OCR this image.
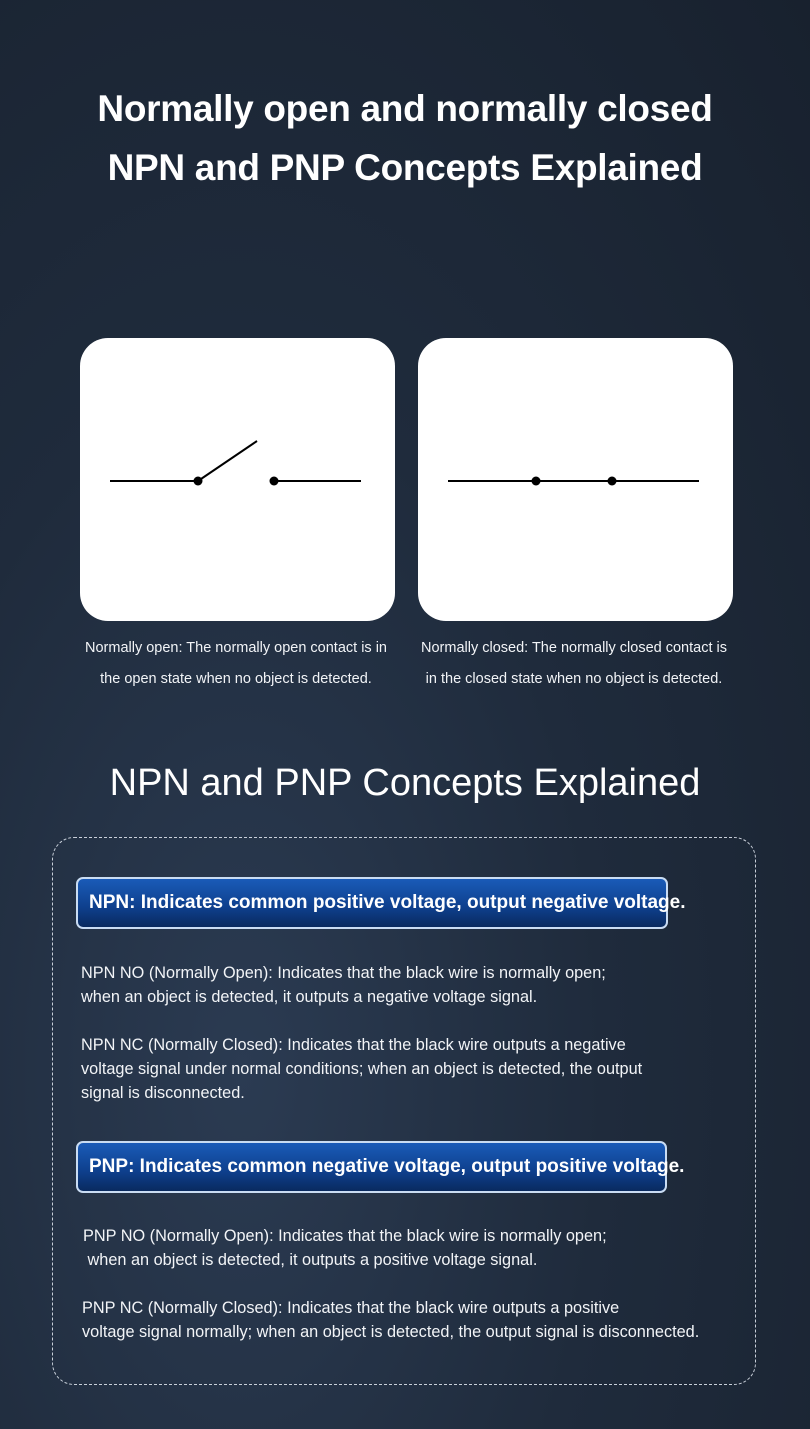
Normally open and normally closed
NPN and PNP Concepts Explained
Normally open: The normally open contact is in
the open state when no object is detected.
Normally closed: The normally closed contact is
in the closed state when no object is detected.
NPN and PNP Concepts Explained
NPN: Indicates common positive voltage, output negative voltage.
NPN NO (Normally Open): Indicates that the black wire is normally open;
when an object is detected, it outputs a negative voltage signal.
NPN NC (Normally Closed): Indicates that the black wire outputs a negative
voltage signal under normal conditions; when an object is detected, the output
signal is disconnected.
PNP: Indicates common negative voltage, output positive voltage.
PNP NO (Normally Open): Indicates that the black wire is normally open;
when an object is detected, it outputs a positive voltage signal.
PNP NC (Normally Closed): Indicates that the black wire outputs a positive
voltage signal normally; when an object is detected, the output signal is disconnected.
